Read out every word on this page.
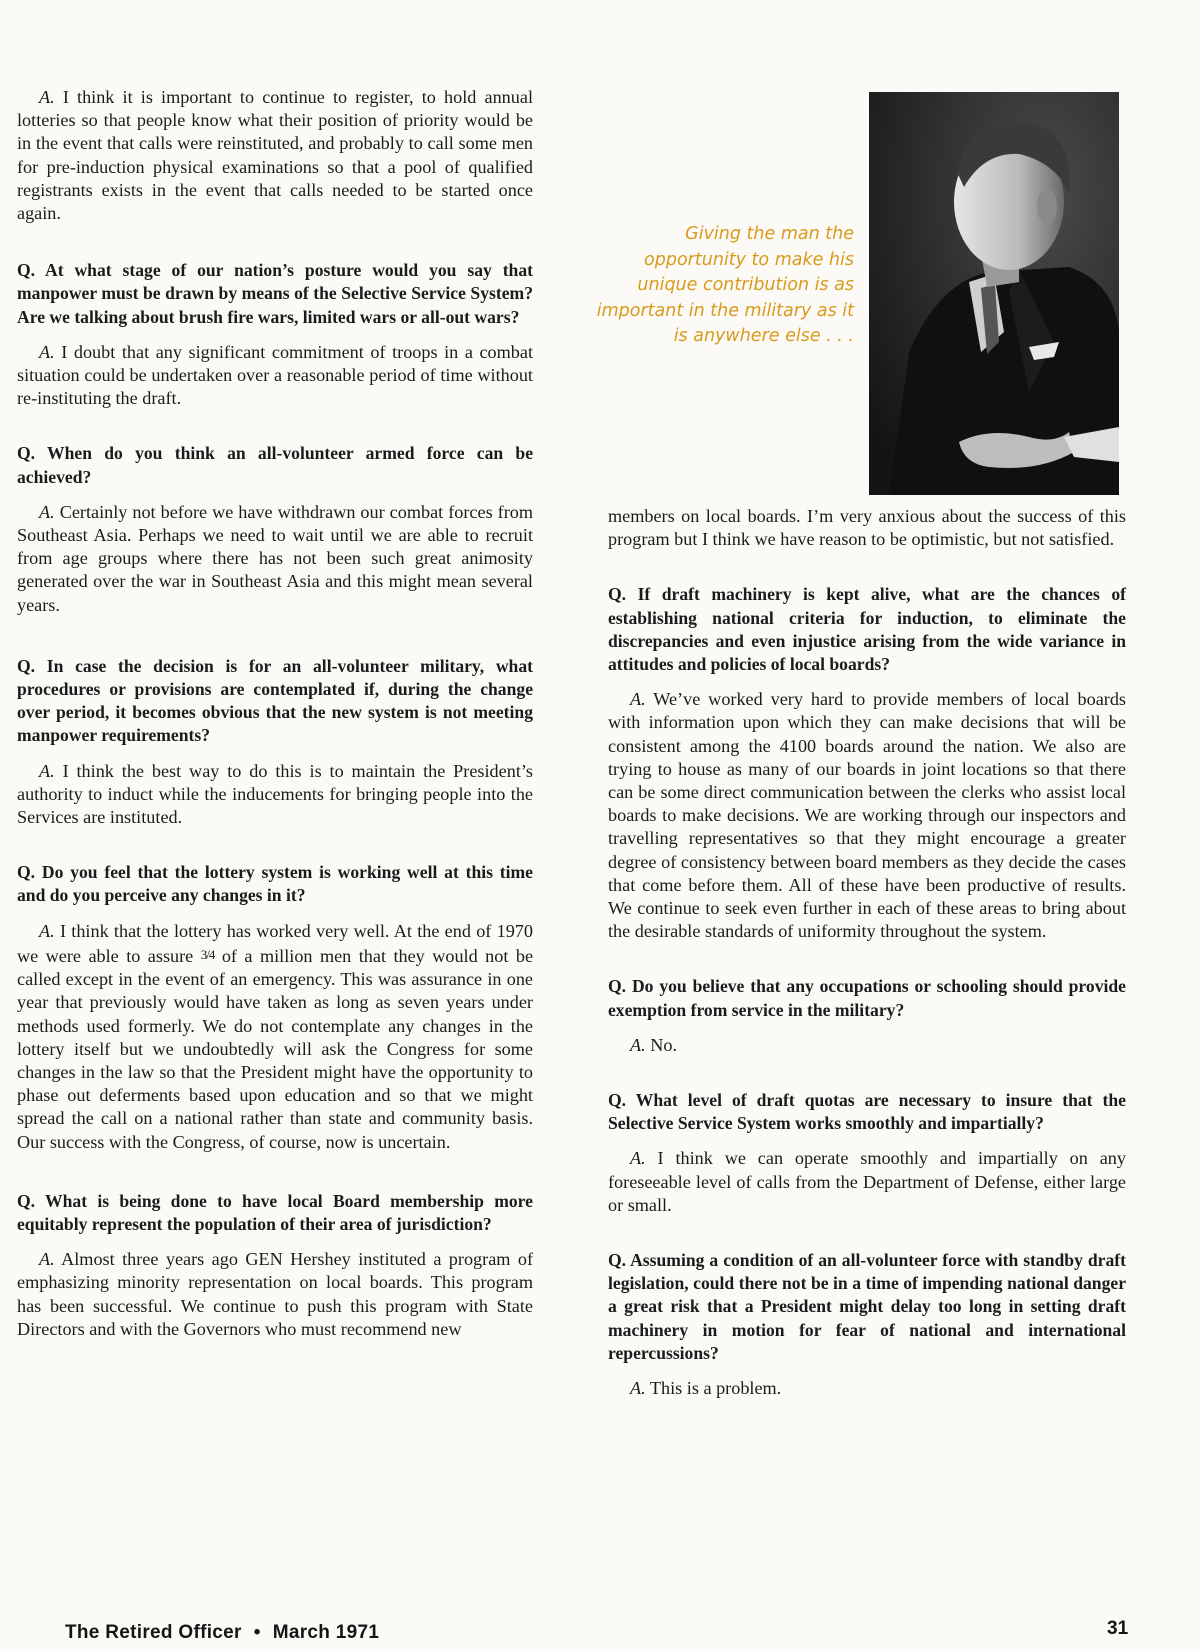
A. I think it is important to continue to register, to hold annual lotteries so that people know what their position of priority would be in the event that calls were reinstituted, and probably to call some men for pre-induction physical examinations so that a pool of qualified registrants exists in the event that calls needed to be started once again.

Q. At what stage of our nation’s posture would you say that manpower must be drawn by means of the Selective Service System? Are we talking about brush fire wars, limited wars or all-out wars?

A. I doubt that any significant commitment of troops in a combat situation could be undertaken over a reasonable period of time without re-instituting the draft.

Q. When do you think an all-volunteer armed force can be achieved?

A. Certainly not before we have withdrawn our combat forces from Southeast Asia. Perhaps we need to wait until we are able to recruit from age groups where there has not been such great animosity generated over the war in Southeast Asia and this might mean several years.

Q. In case the decision is for an all-volunteer military, what procedures or provisions are contemplated if, during the change over period, it becomes obvious that the new system is not meeting manpower requirements?

A. I think the best way to do this is to maintain the President’s authority to induct while the inducements for bringing people into the Services are instituted.

Q. Do you feel that the lottery system is working well at this time and do you perceive any changes in it?

A. I think that the lottery has worked very well. At the end of 1970 we were able to assure 3/4 of a million men that they would not be called except in the event of an emergency. This was assurance in one year that previously would have taken as long as seven years under methods used formerly. We do not contemplate any changes in the lottery itself but we undoubtedly will ask the Congress for some changes in the law so that the President might have the opportunity to phase out deferments based upon education and so that we might spread the call on a national rather than state and community basis. Our success with the Congress, of course, now is uncertain.

Q. What is being done to have local Board membership more equitably represent the population of their area of jurisdiction?

A. Almost three years ago GEN Hershey instituted a program of emphasizing minority representation on local boards. This program has been successful. We continue to push this program with State Directors and with the Governors who must recommend new

Giving the man the opportunity to make his unique contribution is as important in the military as it is anywhere else . . .

members on local boards. I’m very anxious about the success of this program but I think we have reason to be optimistic, but not satisfied.

Q. If draft machinery is kept alive, what are the chances of establishing national criteria for induction, to eliminate the discrepancies and even injustice arising from the wide variance in attitudes and policies of local boards?

A. We’ve worked very hard to provide members of local boards with information upon which they can make decisions that will be consistent among the 4100 boards around the nation. We also are trying to house as many of our boards in joint locations so that there can be some direct communication between the clerks who assist local boards to make decisions. We are working through our inspectors and travelling representatives so that they might encourage a greater degree of consistency between board members as they decide the cases that come before them. All of these have been productive of results. We continue to seek even further in each of these areas to bring about the desirable standards of uniformity throughout the system.

Q. Do you believe that any occupations or schooling should provide exemption from service in the military?

A. No.

Q. What level of draft quotas are necessary to insure that the Selective Service System works smoothly and impartially?

A. I think we can operate smoothly and impartially on any foreseeable level of calls from the Department of Defense, either large or small.

Q. Assuming a condition of an all-volunteer force with standby draft legislation, could there not be in a time of impending national danger a great risk that a President might delay too long in setting draft machinery in motion for fear of national and international repercussions?

A. This is a problem.

The Retired Officer • March 1971	31
